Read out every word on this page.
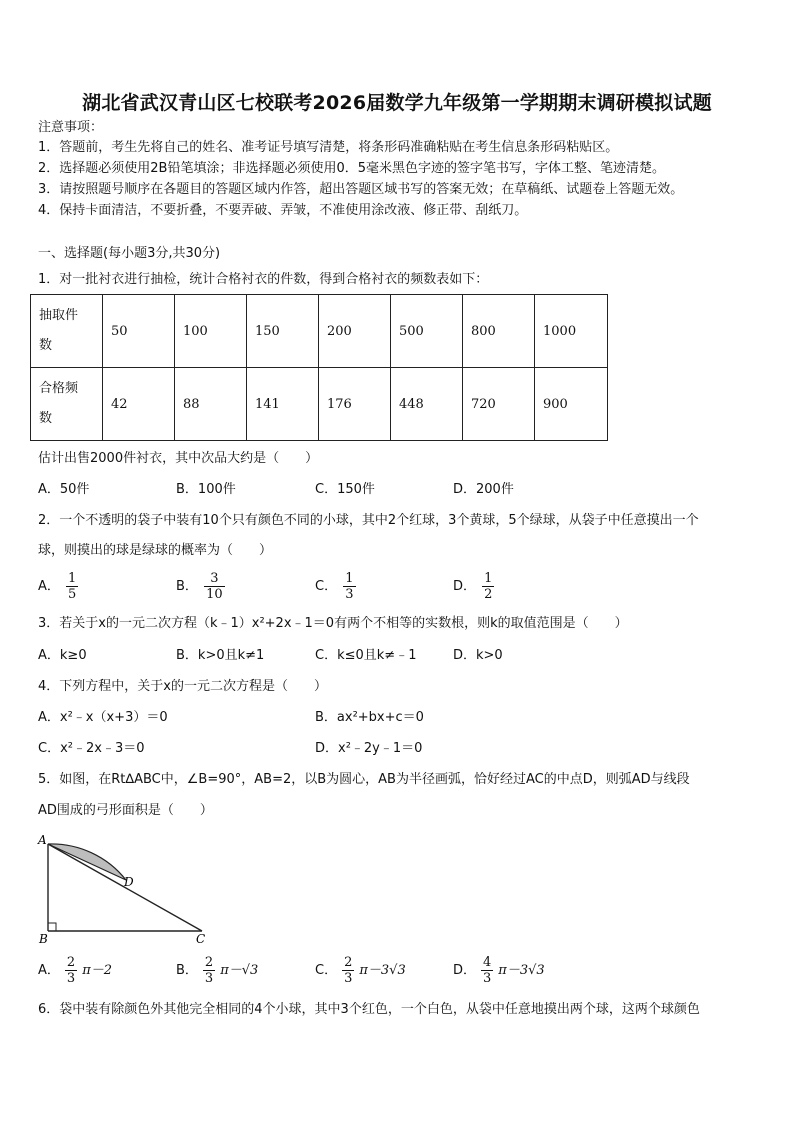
湖北省武汉青山区七校联考2026届数学九年级第一学期期末调研模拟试题
注意事项：
1．答题前，考生先将自己的姓名、准考证号填写清楚，将条形码准确粘贴在考生信息条形码粘贴区。
2．选择题必须使用2B铅笔填涂；非选择题必须使用0．5毫米黑色字迹的签字笔书写，字体工整、笔迹清楚。
3．请按照题号顺序在各题目的答题区域内作答，超出答题区域书写的答案无效；在草稿纸、试题卷上答题无效。
4．保持卡面清洁，不要折叠，不要弄破、弄皱，不准使用涂改液、修正带、刮纸刀。
一、选择题(每小题3分,共30分)
1．对一批衬衣进行抽检，统计合格衬衣的件数，得到合格衬衣的频数表如下：
抽取件
数	50	100	150	200	500	800	1000

合格频
数	42	88	141	176	448	720	900
估计出售2000件衬衣，其中次品大约是（　　）
A．50件	B．100件	C．150件	D．200件
2．一个不透明的袋子中装有10个只有颜色不同的小球，其中2个红球，3个黄球，5个绿球，从袋子中任意摸出一个
球，则摸出的球是绿球的概率为（　　）
A． $\frac{1}{5}$	B． $\frac{3}{10}$	C． $\frac{1}{3}$	D． $\frac{1}{2}$
3．若关于x的一元二次方程（k﹣1）x²+2x﹣1＝0有两个不相等的实数根，则k的取值范围是（　　）
A．k≥0	B．k>0且k≠1	C．k≤0且k≠﹣1	D．k>0
4．下列方程中，关于x的一元二次方程是（　　）
A．x²﹣x（x+3）＝0	B．ax²+bx+c＝0
C．x²﹣2x﹣3＝0	D．x²﹣2y﹣1＝0
5．如图，在Rt∆ABC中，∠B=90°，AB=2，以B为圆心，AB为半径画弧，恰好经过AC的中点D，则弧AD与线段
AD围成的弓形面积是（　　）
A
B	C
D
A． $\frac{2}{3} \pi-2$	B． $\frac{2}{3} \pi-√3$	C． $\frac{2}{3} \pi-3√3$	D． $\frac{4}{3} \pi-3√3$
6．袋中装有除颜色外其他完全相同的4个小球，其中3个红色，一个白色，从袋中任意地摸出两个球，这两个球颜色
